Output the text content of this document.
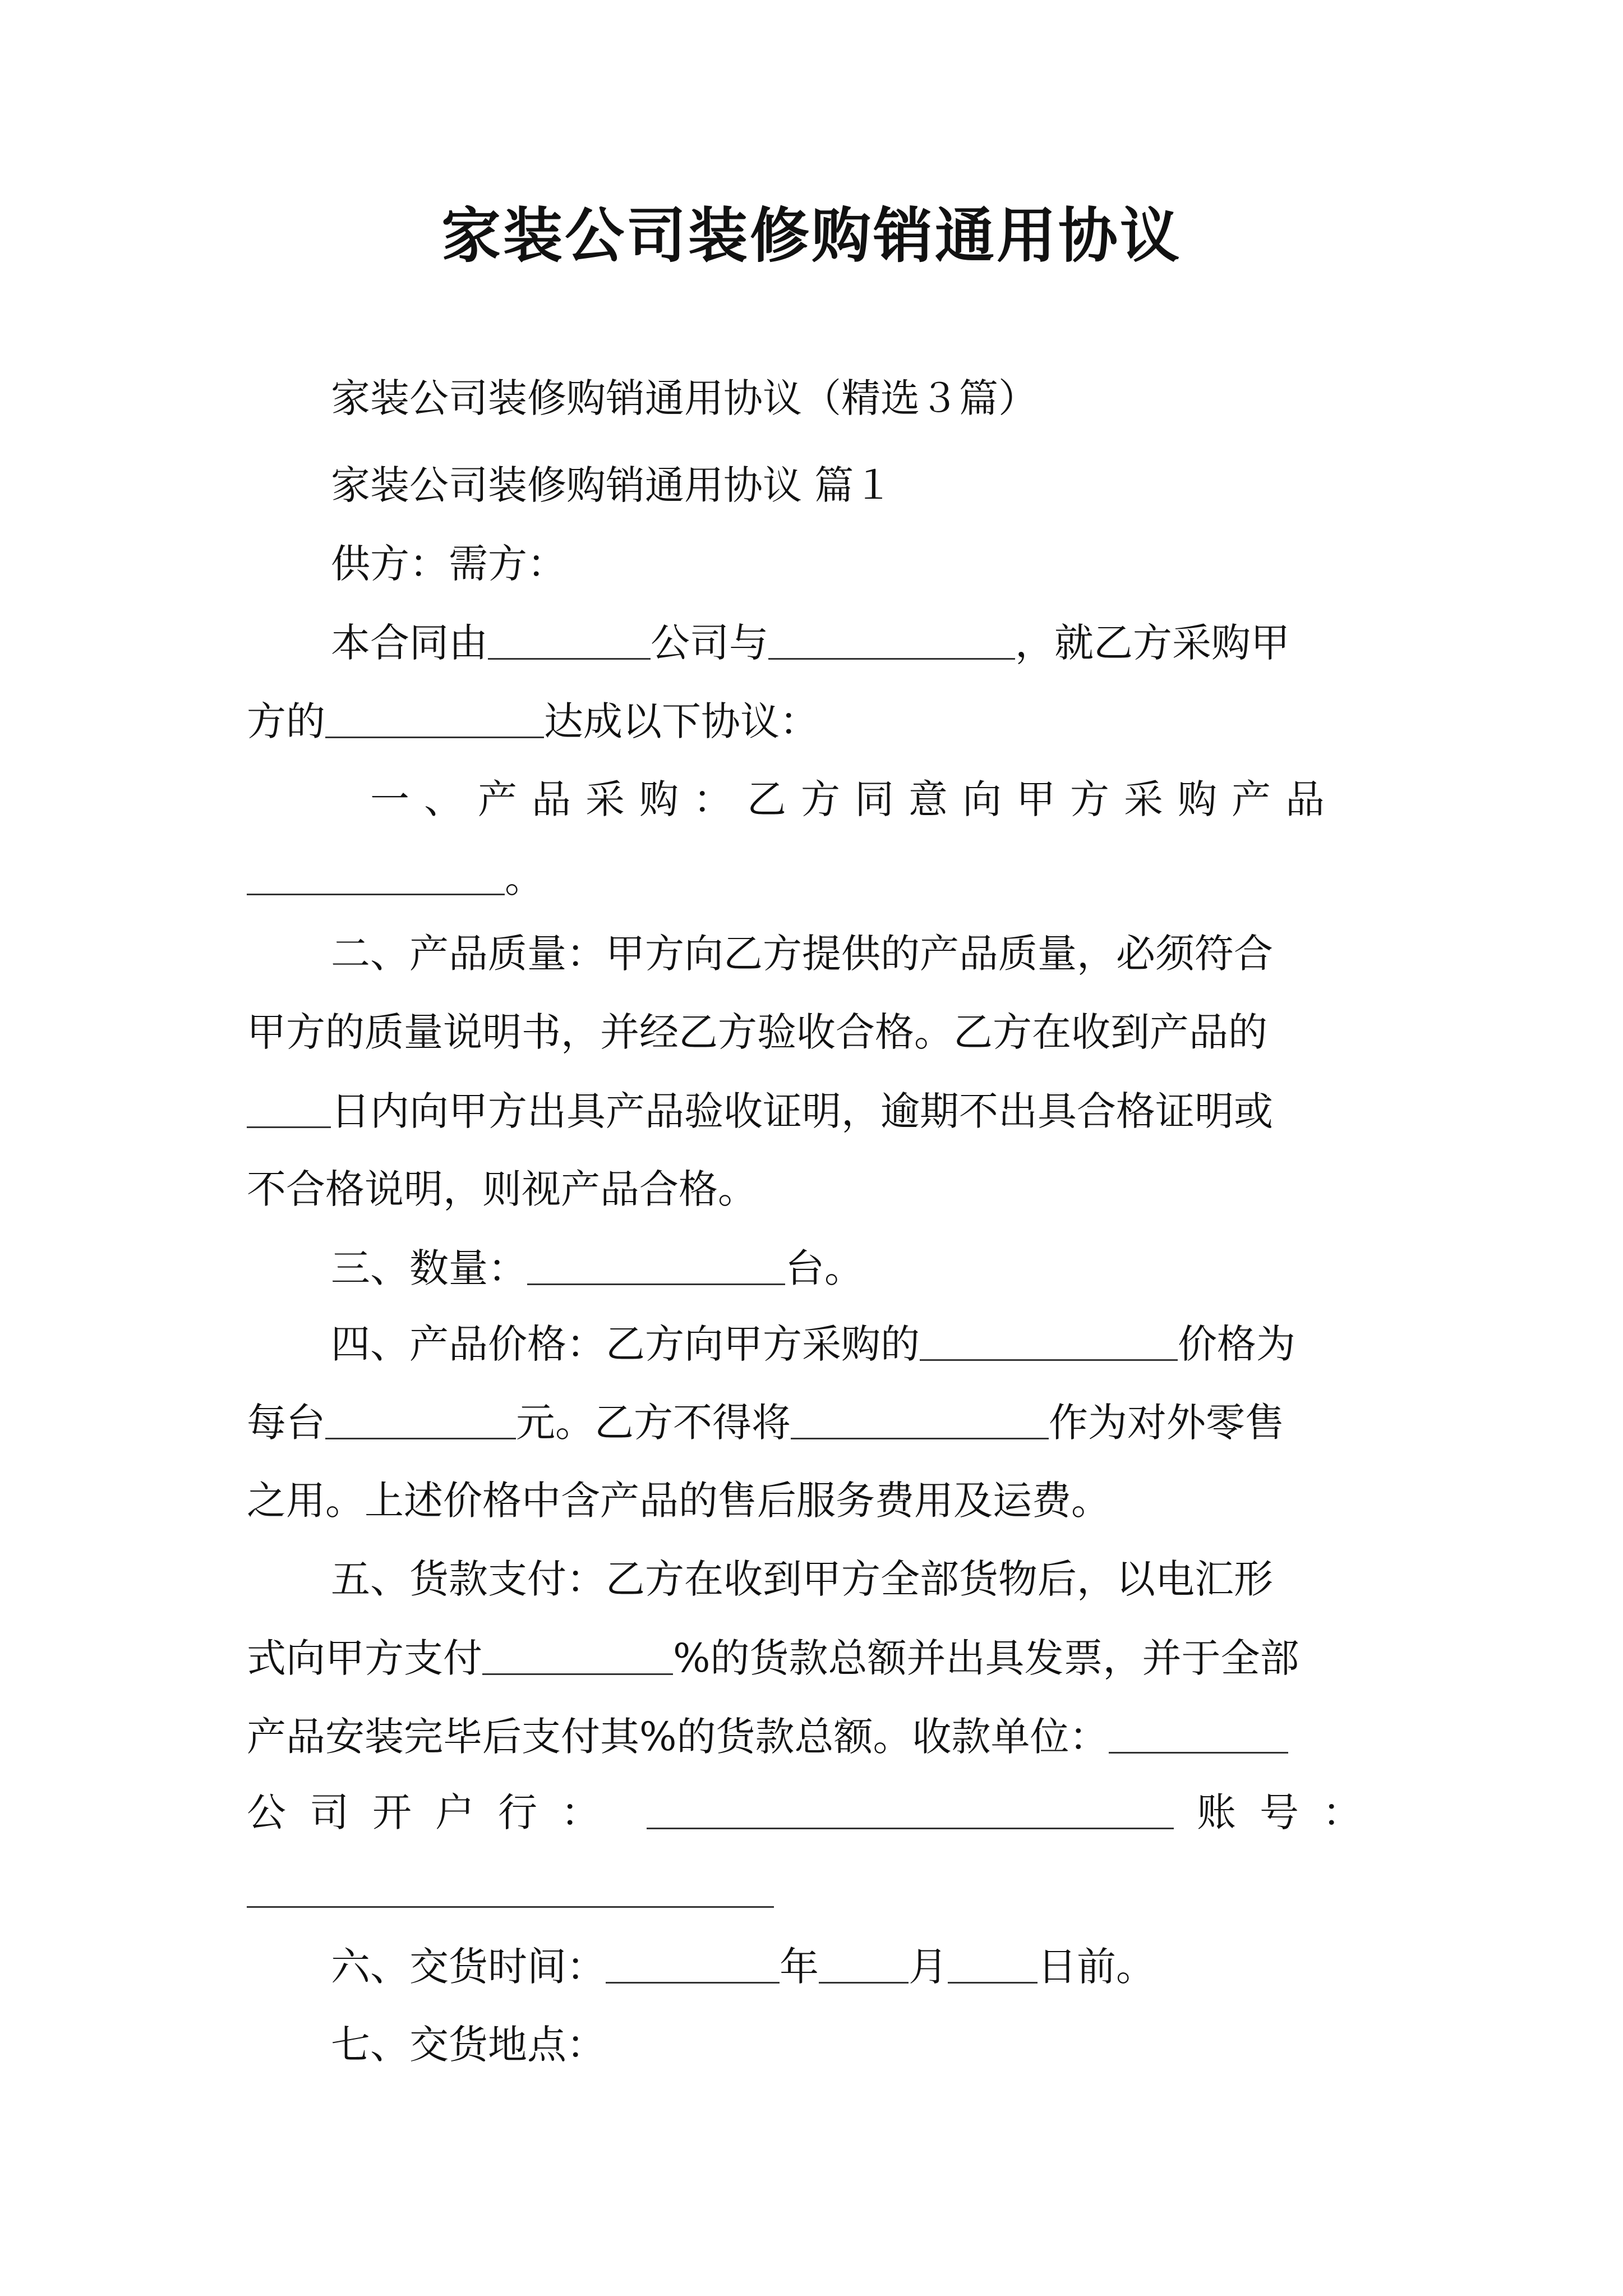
家装公司装修购销通用协议
家装公司装修购销通用协议（精选３篇）
家装公司装修购销通用协议 篇１
供方：需方：
本合同由	公司与	，就乙方采购甲
方的	达成以下协议：
一、产品采购：乙方同意向甲方采购产品
。
二、产品质量：甲方向乙方提供的产品质量，必须符合
甲方的质量说明书，并经乙方验收合格。乙方在收到产品的
日内向甲方出具产品验收证明，逾期不出具合格证明或
不合格说明，则视产品合格。
三、数量：	台。
四、产品价格：乙方向甲方采购的	价格为
每台	元。乙方不得将	作为对外零售
之用。上述价格中含产品的售后服务费用及运费。
五、货款支付：乙方在收到甲方全部货物后，以电汇形
式向甲方支付	%的货款总额并出具发票，并于全部
产品安装完毕后支付其%的货款总额。收款单位：
公司开户行：	账号：
六、交货时间：	年 月 日前。
七、交货地点：
